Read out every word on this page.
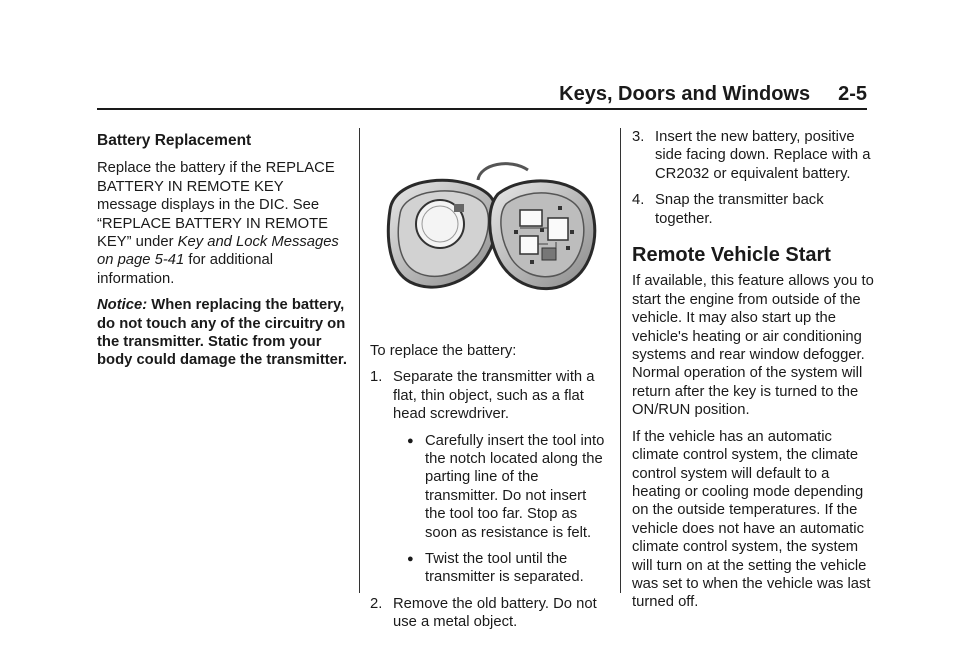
Keys, Doors and Windows 2-5
Battery Replacement

Replace the battery if the REPLACE BATTERY IN REMOTE KEY message displays in the DIC. See “REPLACE BATTERY IN REMOTE KEY” under Key and Lock Messages on page 5-41 for additional information.

Notice: When replacing the battery, do not touch any of the circuitry on the transmitter. Static from your body could damage the transmitter.

To replace the battery:

1. Separate the transmitter with a flat, thin object, such as a flat head screwdriver.
● Carefully insert the tool into the notch located along the parting line of the transmitter. Do not insert the tool too far. Stop as soon as resistance is felt.
● Twist the tool until the transmitter is separated.
2. Remove the old battery. Do not use a metal object.
3. Insert the new battery, positive side facing down. Replace with a CR2032 or equivalent battery.
4. Snap the transmitter back together.
Remote Vehicle Start

If available, this feature allows you to start the engine from outside of the vehicle. It may also start up the vehicle's heating or air conditioning systems and rear window defogger. Normal operation of the system will return after the key is turned to the ON/RUN position.

If the vehicle has an automatic climate control system, the climate control system will default to a heating or cooling mode depending on the outside temperatures. If the vehicle does not have an automatic climate control system, the system will turn on at the setting the vehicle was set to when the vehicle was last turned off.
